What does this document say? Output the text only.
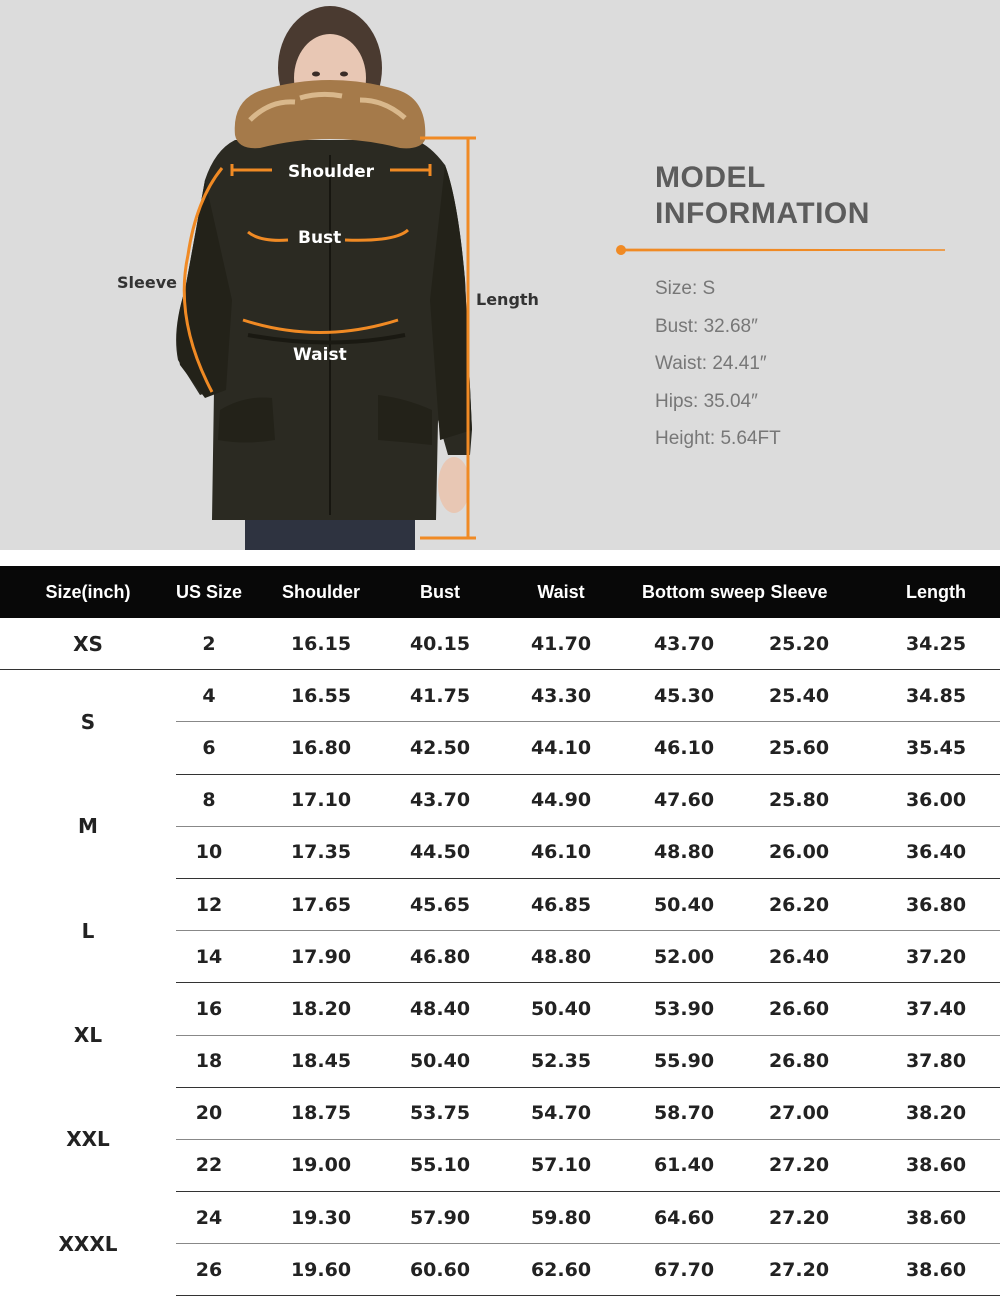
Shoulder
Bust
Waist
Sleeve
Length
MODEL
INFORMATION
Size: S
Bust: 32.68″
Waist: 24.41″
Hips: 35.04″
Height: 5.64FT
Size(inch)	US Size	Shoulder	Bust	Waist	Bottom sweep	Sleeve	Length
XS	2	16.15	40.15	41.70	43.70	25.20	34.25
S	4	16.55	41.75	43.30	45.30	25.40	34.85
	6	16.80	42.50	44.10	46.10	25.60	35.45
M	8	17.10	43.70	44.90	47.60	25.80	36.00
	10	17.35	44.50	46.10	48.80	26.00	36.40
L	12	17.65	45.65	46.85	50.40	26.20	36.80
	14	17.90	46.80	48.80	52.00	26.40	37.20
XL	16	18.20	48.40	50.40	53.90	26.60	37.40
	18	18.45	50.40	52.35	55.90	26.80	37.80
XXL	20	18.75	53.75	54.70	58.70	27.00	38.20
	22	19.00	55.10	57.10	61.40	27.20	38.60
XXXL	24	19.30	57.90	59.80	64.60	27.20	38.60
	26	19.60	60.60	62.60	67.70	27.20	38.60
